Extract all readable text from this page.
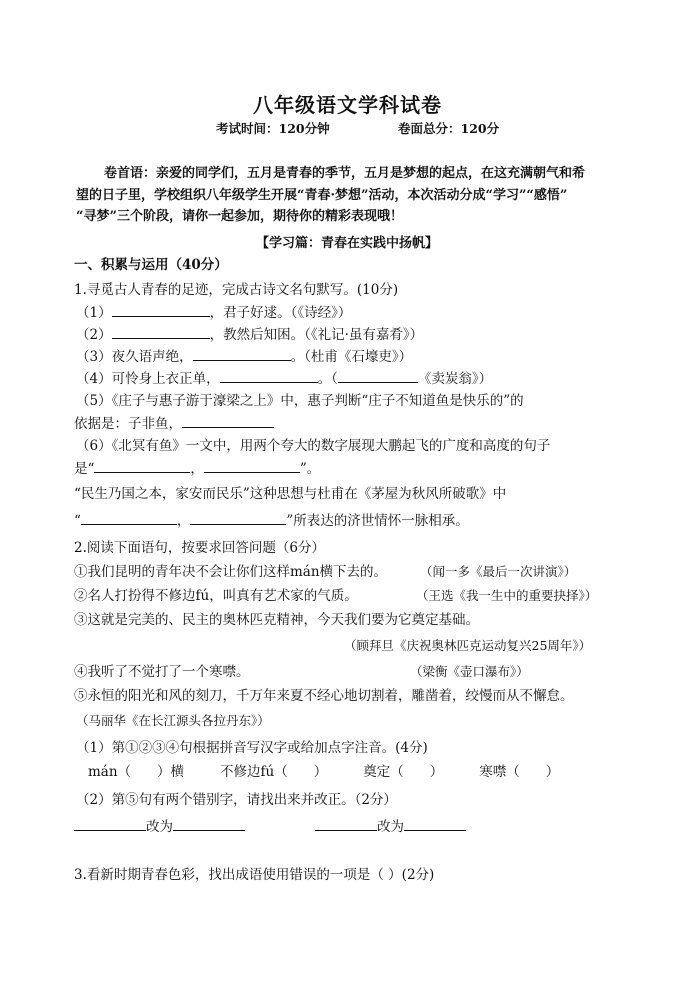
八年级语文学科试卷
考试时间：120分钟	卷面总分：120分
卷首语：亲爱的同学们，五月是青春的季节，五月是梦想的起点，在这充满朝气和希
望的日子里，学校组织八年级学生开展“青春·梦想”活动，本次活动分成“学习”“感悟”
“寻梦”三个阶段，请你一起参加，期待你的精彩表现哦！
【学习篇：青春在实践中扬帆】
一、积累与运用（40分）
1.寻觅古人青春的足迹，完成古诗文名句默写。(10分)
（1）	，君子好逑。（《诗经》）
（2）	，教然后知困。（《礼记·虽有嘉肴》）
（3）夜久语声绝，	。（杜甫《石壕吏》）
（4）可怜身上衣正单，	。（	《卖炭翁》）
（5）《庄子与惠子游于濠梁之上》中，惠子判断“庄子不知道鱼是快乐的”的
依据是：子非鱼，
（6）《北冥有鱼》一文中，用两个夸大的数字展现大鹏起飞的广度和高度的句子
是“	，	”。
“民生乃国之本，家安而民乐”这种思想与杜甫在《茅屋为秋风所破歌》中
“	，	”所表达的济世情怀一脉相承。
2.阅读下面语句，按要求回答问题（6分）
①我们昆明的青年决不会让你们这样mán横下去的。	（闻一多《最后一次讲演》）
②名人打扮得不修边fú，叫真有艺术家的气质。	（王选《我一生中的重要抉择》）
③这就是完美的、民主的奥林匹克精神，今天我们要为它奠定基础。
（顾拜旦《庆祝奥林匹克运动复兴25周年》）
④我听了不觉打了一个寒噤。	（梁衡《壶口瀑布》）
⑤永恒的阳光和风的刻刀，千万年来夏不经心地切割着，雕凿着，绞慢而从不懈怠。
（马丽华《在长江源头各拉丹东》）
（1）第①②③④句根据拼音写汉字或给加点字注音。(4分)
mán（ ）横	不修边fú（ ）	奠定（ ）	寒噤（ ）
（2）第⑤句有两个错别字，请找出来并改正。（2分）
改为	改为
3.看新时期青春色彩，找出成语使用错误的一项是（ ）(2分)
